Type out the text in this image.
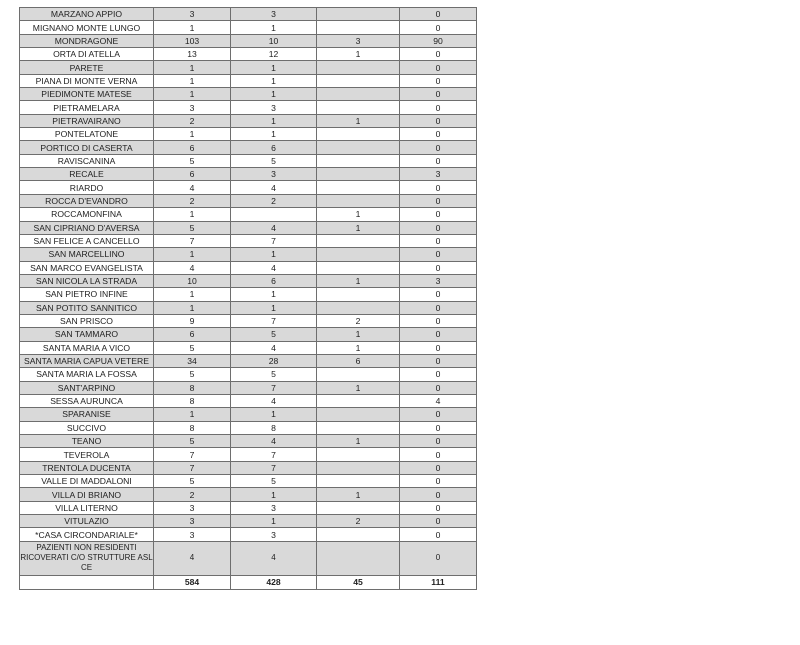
MARZANO APPIO	3	3		0
MIGNANO MONTE LUNGO	1	1		0
MONDRAGONE	103	10	3	90
ORTA DI ATELLA	13	12	1	0
PARETE	1	1		0
PIANA DI MONTE VERNA	1	1		0
PIEDIMONTE MATESE	1	1		0
PIETRAMELARA	3	3		0
PIETRAVAIRANO	2	1	1	0
PONTELATONE	1	1		0
PORTICO DI CASERTA	6	6		0
RAVISCANINA	5	5		0
RECALE	6	3		3
RIARDO	4	4		0
ROCCA D'EVANDRO	2	2		0
ROCCAMONFINA	1		1	0
SAN CIPRIANO D'AVERSA	5	4	1	0
SAN FELICE A CANCELLO	7	7		0
SAN MARCELLINO	1	1		0
SAN MARCO EVANGELISTA	4	4		0
SAN NICOLA LA STRADA	10	6	1	3
SAN PIETRO INFINE	1	1		0
SAN POTITO SANNITICO	1	1		0
SAN PRISCO	9	7	2	0
SAN TAMMARO	6	5	1	0
SANTA MARIA A VICO	5	4	1	0
SANTA MARIA CAPUA VETERE	34	28	6	0
SANTA MARIA LA FOSSA	5	5		0
SANT'ARPINO	8	7	1	0
SESSA AURUNCA	8	4		4
SPARANISE	1	1		0
SUCCIVO	8	8		0
TEANO	5	4	1	0
TEVEROLA	7	7		0
TRENTOLA DUCENTA	7	7		0
VALLE DI MADDALONI	5	5		0
VILLA DI BRIANO	2	1	1	0
VILLA LITERNO	3	3		0
VITULAZIO	3	1	2	0
*CASA CIRCONDARIALE*	3	3		0
PAZIENTI NON RESIDENTI RICOVERATI C/O STRUTTURE ASL CE	4	4		0
	584	428	45	111
